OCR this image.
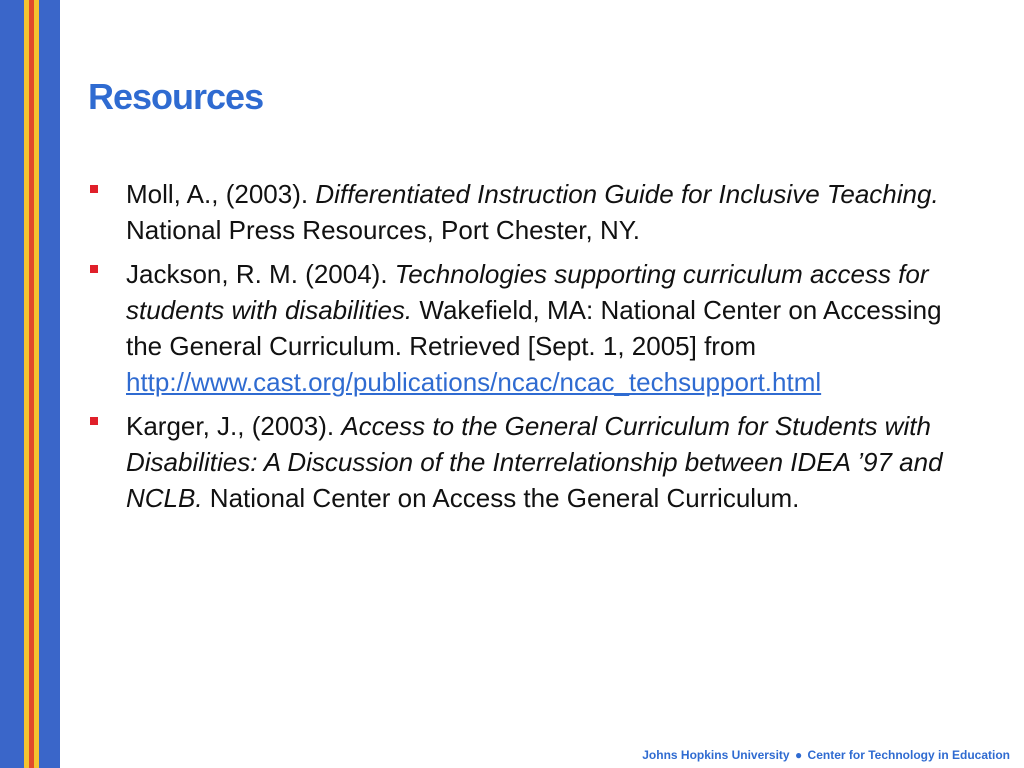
Resources
Moll, A., (2003). Differentiated Instruction Guide for Inclusive Teaching. National Press Resources, Port Chester, NY.
Jackson, R. M. (2004). Technologies supporting curriculum access for students with disabilities. Wakefield, MA: National Center on Accessing the General Curriculum. Retrieved [Sept. 1, 2005] from http://www.cast.org/publications/ncac/ncac_techsupport.html
Karger, J., (2003). Access to the General Curriculum for Students with Disabilities: A Discussion of the Interrelationship between IDEA ’97 and NCLB. National Center on Access the General Curriculum.
Johns Hopkins University ● Center for Technology in Education
